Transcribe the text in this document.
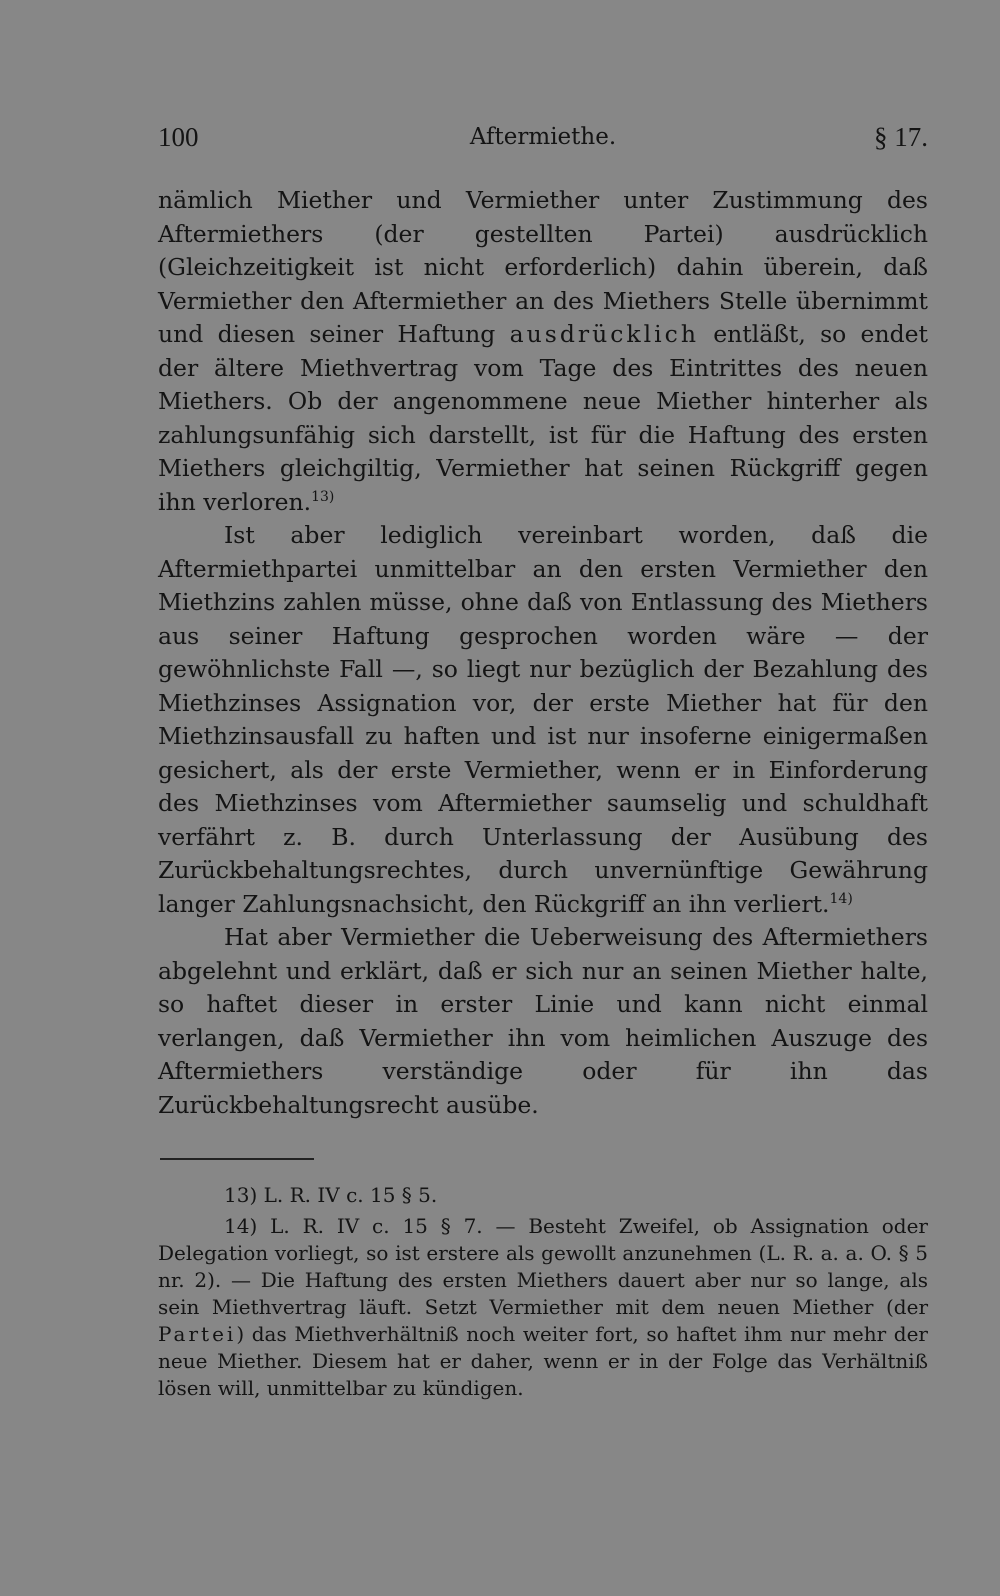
100	Aftermiethe.	§ 17.

nämlich Miether und Vermiether unter Zustimmung des Aftermiethers (der gestellten Partei) ausdrücklich (Gleichzeitigkeit ist nicht erforderlich) dahin überein, daß Vermiether den Aftermiether an des Miethers Stelle übernimmt und diesen seiner Haftung ausdrücklich entläßt, so endet der ältere Miethvertrag vom Tage des Eintrittes des neuen Miethers. Ob der angenommene neue Miether hinterher als zahlungsunfähig sich darstellt, ist für die Haftung des ersten Miethers gleichgiltig, Vermiether hat seinen Rückgriff gegen ihn verloren.$^{13)}$

Ist aber lediglich vereinbart worden, daß die Aftermiethpartei unmittelbar an den ersten Vermiether den Miethzins zahlen müsse, ohne daß von Entlassung des Miethers aus seiner Haftung gesprochen worden wäre — der gewöhnlichste Fall —, so liegt nur bezüglich der Bezahlung des Miethzinses Assignation vor, der erste Miether hat für den Miethzinsausfall zu haften und ist nur insoferne einigermaßen gesichert, als der erste Vermiether, wenn er in Einforderung des Miethzinses vom Aftermiether saumselig und schuldhaft verfährt z. B. durch Unterlassung der Ausübung des Zurückbehaltungsrechtes, durch unvernünftige Gewährung langer Zahlungsnachsicht, den Rückgriff an ihn verliert.$^{14)}$

Hat aber Vermiether die Ueberweisung des Aftermiethers abgelehnt und erklärt, daß er sich nur an seinen Miether halte, so haftet dieser in erster Linie und kann nicht einmal verlangen, daß Vermiether ihn vom heimlichen Auszuge des Aftermiethers verständige oder für ihn das Zurückbehaltungsrecht ausübe.

13) L. R. IV c. 15 § 5.

14) L. R. IV c. 15 § 7. — Besteht Zweifel, ob Assignation oder Delegation vorliegt, so ist erstere als gewollt anzunehmen (L. R. a. a. O. § 5 nr. 2). — Die Haftung des ersten Miethers dauert aber nur so lange, als sein Miethvertrag läuft. Setzt Vermiether mit dem neuen Miether (der Partei) das Miethverhältniß noch weiter fort, so haftet ihm nur mehr der neue Miether. Diesem hat er daher, wenn er in der Folge das Verhältniß lösen will, unmittelbar zu kündigen.
